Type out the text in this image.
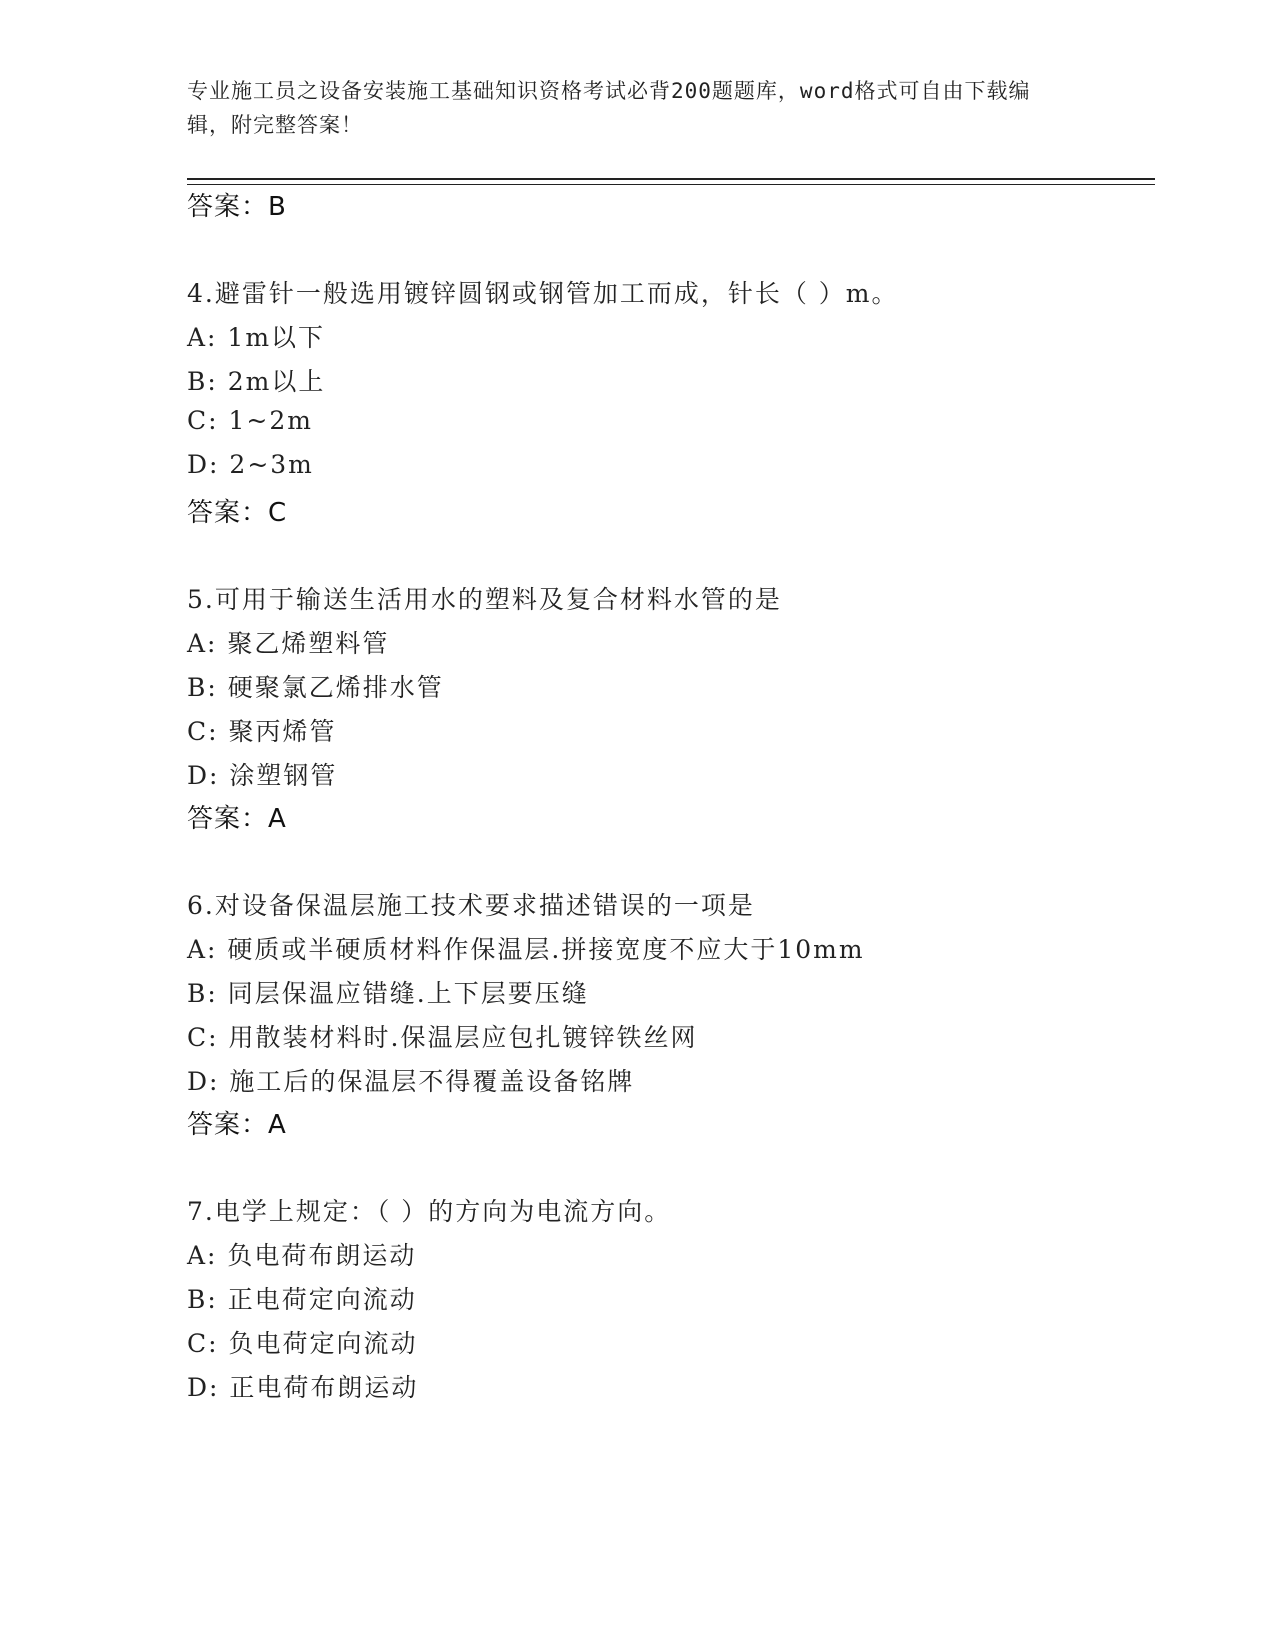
专业施工员之设备安装施工基础知识资格考试必背200题题库，word格式可自由下载编辑，附完整答案！
答案：B
4.避雷针一般选用镀锌圆钢或钢管加工而成，针长（ ）m。
A: 1m以下
B: 2m以上
C: 1~2m
D: 2~3m
答案：C
5.可用于输送生活用水的塑料及复合材料水管的是
A: 聚乙烯塑料管
B: 硬聚氯乙烯排水管
C: 聚丙烯管
D: 涂塑钢管
答案：A
6.对设备保温层施工技术要求描述错误的一项是
A: 硬质或半硬质材料作保温层.拼接宽度不应大于10mm
B: 同层保温应错缝.上下层要压缝
C: 用散装材料时.保温层应包扎镀锌铁丝网
D: 施工后的保温层不得覆盖设备铭牌
答案：A
7.电学上规定：（ ）的方向为电流方向。
A: 负电荷布朗运动
B: 正电荷定向流动
C: 负电荷定向流动
D: 正电荷布朗运动
